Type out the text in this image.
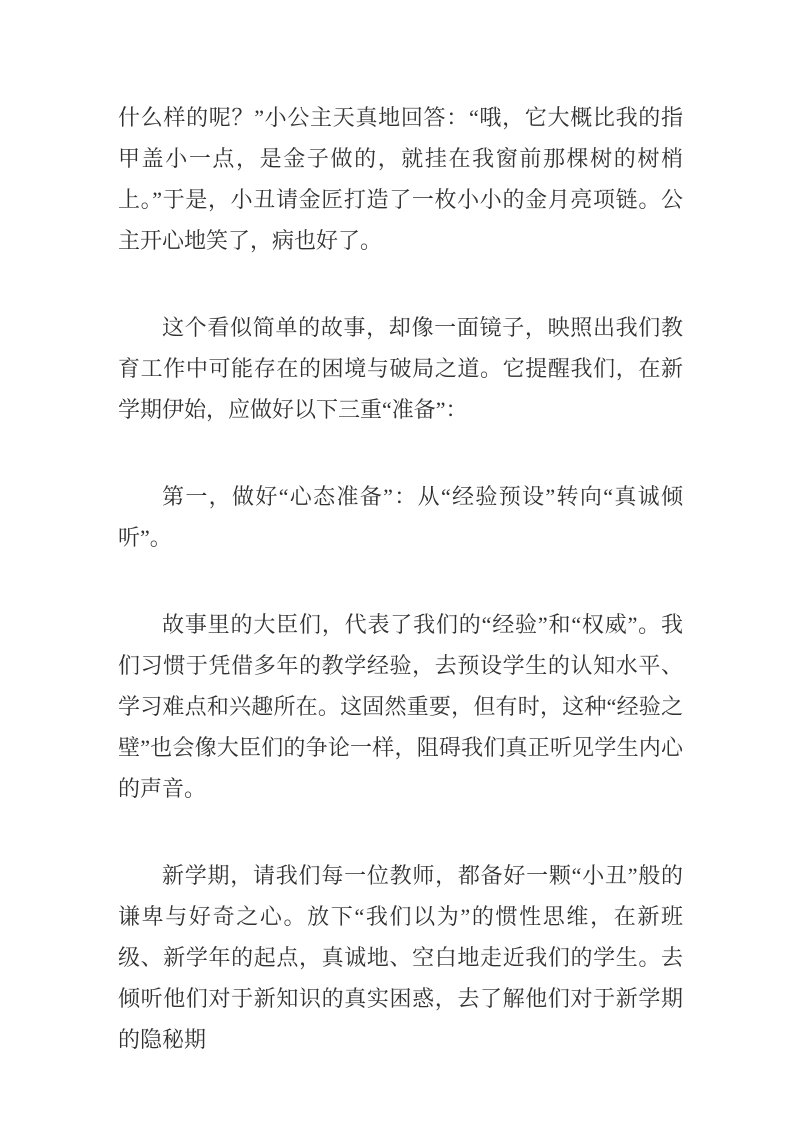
什么样的呢？”小公主天真地回答：“哦，它大概比我的指甲盖小一点，是金子做的，就挂在我窗前那棵树的树梢上。”于是，小丑请金匠打造了一枚小小的金月亮项链。公主开心地笑了，病也好了。

这个看似简单的故事，却像一面镜子，映照出我们教育工作中可能存在的困境与破局之道。它提醒我们，在新学期伊始，应做好以下三重“准备”：

第一，做好“心态准备”：从“经验预设”转向“真诚倾听”。

故事里的大臣们，代表了我们的“经验”和“权威”。我们习惯于凭借多年的教学经验，去预设学生的认知水平、学习难点和兴趣所在。这固然重要，但有时，这种“经验之壁”也会像大臣们的争论一样，阻碍我们真正听见学生内心的声音。

新学期，请我们每一位教师，都备好一颗“小丑”般的谦卑与好奇之心。放下“我们以为”的惯性思维，在新班级、新学年的起点，真诚地、空白地走近我们的学生。去倾听他们对于新知识的真实困惑，去了解他们对于新学期的隐秘期
